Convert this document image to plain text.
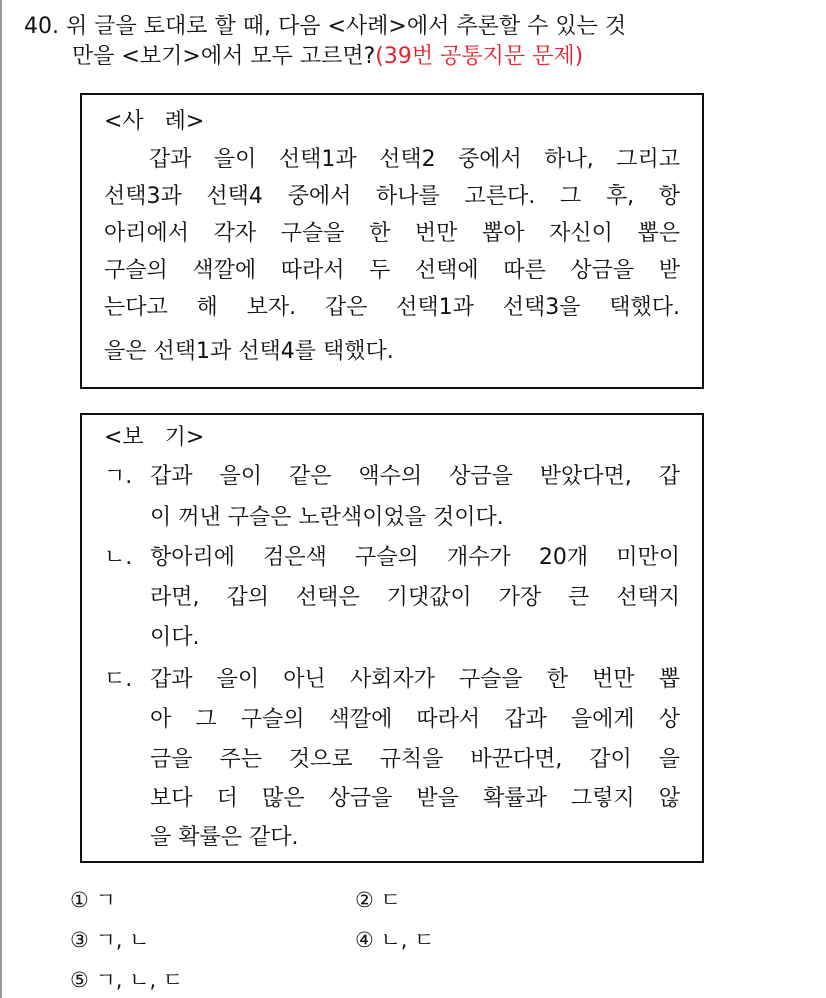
40. 위 글을 토대로 할 때, 다음 <사례>에서 추론할 수 있는 것
만을 <보기>에서 모두 고르면?(39번 공통지문 문제)
<사   례>
갑과 을이 선택1과 선택2 중에서 하나, 그리고
선택3과 선택4 중에서 하나를 고른다. 그 후, 항
아리에서 각자 구슬을 한 번만 뽑아 자신이 뽑은
구슬의 색깔에 따라서 두 선택에 따른 상금을 받
는다고 해 보자. 갑은 선택1과 선택3을 택했다.
을은 선택1과 선택4를 택했다.
<보   기>
ㄱ. 갑과 을이 같은 액수의 상금을 받았다면, 갑
이 꺼낸 구슬은 노란색이었을 것이다.
ㄴ. 항아리에 검은색 구슬의 개수가 20개 미만이
라면, 갑의 선택은 기댓값이 가장 큰 선택지
이다.
ㄷ. 갑과 을이 아닌 사회자가 구슬을 한 번만 뽑
아 그 구슬의 색깔에 따라서 갑과 을에게 상
금을 주는 것으로 규칙을 바꾼다면, 갑이 을
보다 더 많은 상금을 받을 확률과 그렇지 않
을 확률은 같다.
① ㄱ	② ㄷ
③ ㄱ, ㄴ	④ ㄴ, ㄷ
⑤ ㄱ, ㄴ, ㄷ
